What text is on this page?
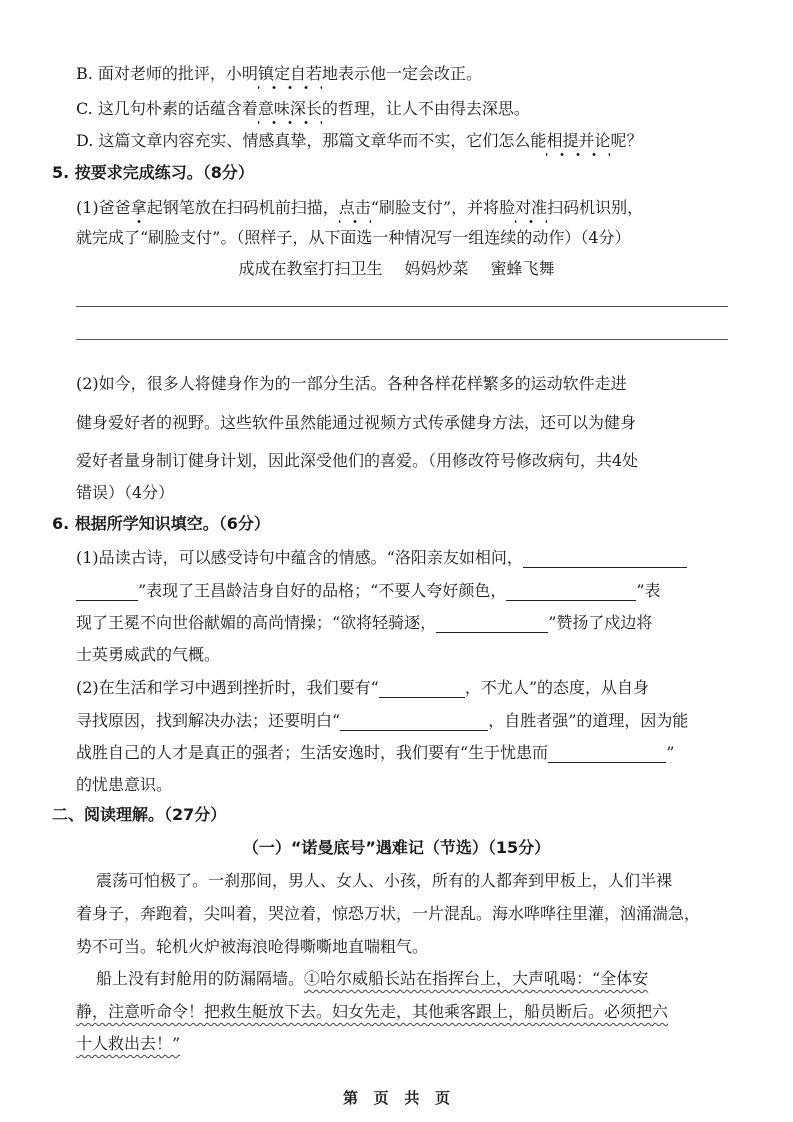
B. 面对老师的批评，小明镇定自若地表示他一定会改正。
C. 这几句朴素的话蕴含着意味深长的哲理，让人不由得去深思。
D. 这篇文章内容充实、情感真挚，那篇文章华而不实，它们怎么能相提并论呢？
5. 按要求完成练习。（8分）
(1)爸爸拿起钢笔放在扫码机前扫描，点击“刷脸支付”，并将脸对准扫码机识别，
就完成了“刷脸支付”。（照样子，从下面选一种情况写一组连续的动作）（4分）
成成在教室打扫卫生 妈妈炒菜 蜜蜂飞舞
(2)如今，很多人将健身作为的一部分生活。各种各样花样繁多的运动软件走进
健身爱好者的视野。这些软件虽然能通过视频方式传承健身方法，还可以为健身
爱好者量身制订健身计划，因此深受他们的喜爱。（用修改符号修改病句，共4处
错误）（4分）
6. 根据所学知识填空。（6分）
(1)品读古诗，可以感受诗句中蕴含的情感。“洛阳亲友如相问，
”表现了王昌龄洁身自好的品格；“不要人夸好颜色，	”表
现了王冕不向世俗献媚的高尚情操；“欲将轻骑逐，	”赞扬了戍边将
士英勇威武的气概。
(2)在生活和学习中遇到挫折时，我们要有“	，不尤人”的态度，从自身
寻找原因，找到解决办法；还要明白“	，自胜者强”的道理，因为能
战胜自己的人才是真正的强者；生活安逸时，我们要有“生于忧患而	”
的忧患意识。
二、阅读理解。（27分）
（一）“诺曼底号”遇难记（节选）（15分）
震荡可怕极了。一刹那间，男人、女人、小孩，所有的人都奔到甲板上，人们半裸
着身子，奔跑着，尖叫着，哭泣着，惊恐万状，一片混乱。海水哗哗往里灌，汹涌湍急，
势不可当。轮机火炉被海浪呛得嘶嘶地直喘粗气。
船上没有封舱用的防漏隔墙。①哈尔威船长站在指挥台上，大声吼喝：“全体安
静，注意听命令！把救生艇放下去。妇女先走，其他乘客跟上，船员断后。必须把六
十人救出去！”
第   页   共   页
